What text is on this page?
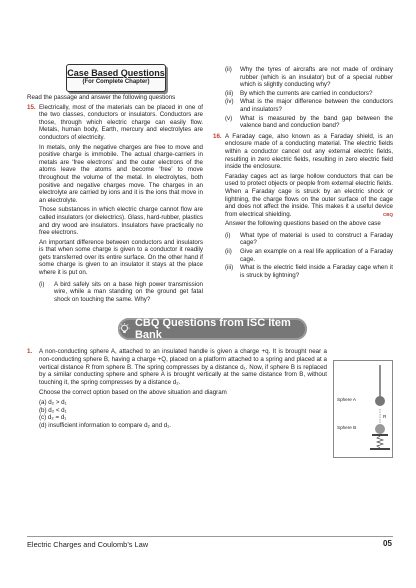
Case Based Questions
(For Complete Chapter)

Read the passage and answer the following questions

15. Electrically, most of the materials can be placed in one of the two classes, conductors or insulators. Conductors are those, through which electric charge can easily flow. Metals, human body, Earth, mercury and electrolytes are conductors of electricity.

In metals, only the negative charges are free to move and positive charge is immobile. The actual charge-carriers in metals are ‘free electrons’ and the outer electrons of the atoms leave the atoms and become ‘free’ to move throughout the volume of the metal. In electrolytes, both positive and negative charges move. The charges in an electrolyte are carried by ions and it is the ions that move in an electrolyte.

Those substances in which electric charge cannot flow are called insulators (or dielectrics). Glass, hard-rubber, plastics and dry wood are insulators. Insulators have practically no free electrons.

An important difference between conductors and insulators is that when some charge is given to a conductor it readily gets transferred over its entire surface. On the other hand if some charge is given to an insulator it stays at the place where it is put on.

(i)	A bird safely sits on a base high power transmission wire, while a man standing on the ground get fatal shock on touching the same. Why?
(ii)	Why the tyres of aircrafts are not made of ordinary rubber (which is an insulator) but of a special rubber which is slightly conducting why?
(iii)	By which the currents are carried in conductors?
(iv)	What is the major difference between the conductors and insulators?
(v)	What is measured by the band gap between the valence band and conduction band?
16. A Faraday cage, also known as a Faraday shield, is an enclosure made of a conducting material. The electric fields within a conductor cancel out any external electric fields, resulting in zero electric fields, resulting in zero electric field inside the enclosure.

Faraday cages act as large hollow conductors that can be used to protect objects or people from external electric fields. When a Faraday cage is struck by an electric shock or lightning, the charge flows on the outer surface of the cage and does not affect the inside. This makes it a useful device from electrical shielding.	CBQ

Answer the following questions based on the above case

(i)	What type of material is used to construct a Faraday cage?
(ii)	Give an example on a real life application of a Faraday cage.
(iii)	What is the electric field inside a Faraday cage when it is struck by lightning?
CBQ Questions from ISC Item Bank
1.	A non-conducting sphere A, attached to an insulated handle is given a charge +q. It is brought near a non-conducting sphere B, having a charge +Q, placed on a platform attached to a spring and placed at a vertical distance R from sphere B. The spring compresses by a distance d₁. Now, if sphere B is replaced by a similar conducting sphere and sphere A is brought vertically at the same distance from B, without touching it, the spring compresses by a distance d₂.

Choose the correct option based on the above situation and diagram

(a) d₂ > d₁
(b) d₂ < d₁
(c) d₂ = d₁
(d) insufficient information to compare d₂ and d₁.
Sphere A
Sphere B
R
Electric Charges and Coulomb’s Law	05
